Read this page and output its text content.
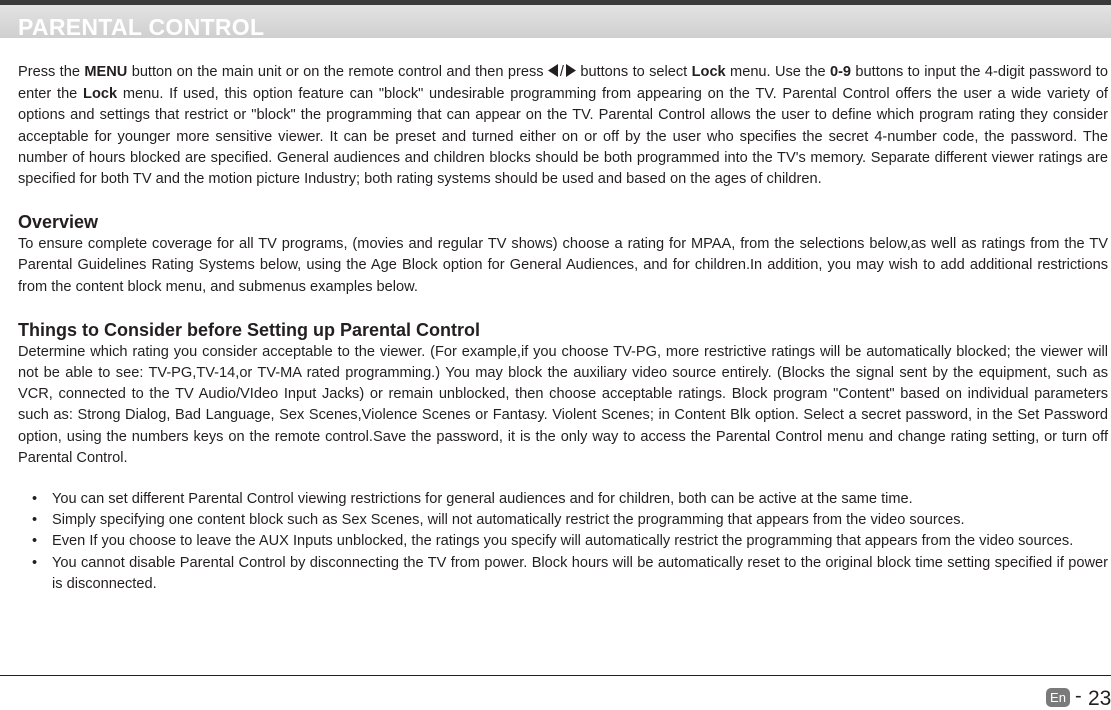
PARENTAL CONTROL

Press the MENU button on the main unit or on the remote control and then press / buttons to select Lock menu. Use the 0-9 buttons to input the 4-digit password to enter the Lock menu. If used, this option feature can "block" undesirable programming from appearing on the TV. Parental Control offers the user a wide variety of options and settings that restrict or "block" the programming that can appear on the TV. Parental Control allows the user to define which program rating they consider acceptable for younger more sensitive viewer. It can be preset and turned either on or off by the user who specifies the secret 4-number code, the password. The number of hours blocked are specified. General audiences and children blocks should be both programmed into the TV's memory. Separate different viewer ratings are specified for both TV and the motion picture Industry; both rating systems should be used and based on the ages of children.

Overview

To ensure complete coverage for all TV programs, (movies and regular TV shows) choose a rating for MPAA, from the selections below,as well as ratings from the TV Parental Guidelines Rating Systems below, using the Age Block option for General Audiences, and for children.In addition, you may wish to add additional restrictions from the content block menu, and submenus examples below.

Things to Consider before Setting up Parental Control

Determine which rating you consider acceptable to the viewer. (For example,if you choose TV-PG, more restrictive ratings will be automatically blocked; the viewer will not be able to see: TV-PG,TV-14,or TV-MA rated programming.) You may block the auxiliary video source entirely. (Blocks the signal sent by the equipment, such as VCR, connected to the TV Audio/VIdeo Input Jacks) or remain unblocked, then choose acceptable ratings. Block program "Content" based on individual parameters such as: Strong Dialog, Bad Language, Sex Scenes,Violence Scenes or Fantasy. Violent Scenes; in Content Blk option. Select a secret password, in the Set Password option, using the numbers keys on the remote control.Save the password, it is the only way to access the Parental Control menu and change rating setting, or turn off Parental Control.

• You can set different Parental Control viewing restrictions for general audiences and for children, both can be active at the same time.
• Simply specifying one content block such as Sex Scenes, will not automatically restrict the programming that appears from the video sources.
• Even If you choose to leave the AUX Inputs unblocked, the ratings you specify will automatically restrict the programming that appears from the video sources.
• You cannot disable Parental Control by disconnecting the TV from power. Block hours will be automatically reset to the original block time setting specified if power is disconnected.
En - 23
